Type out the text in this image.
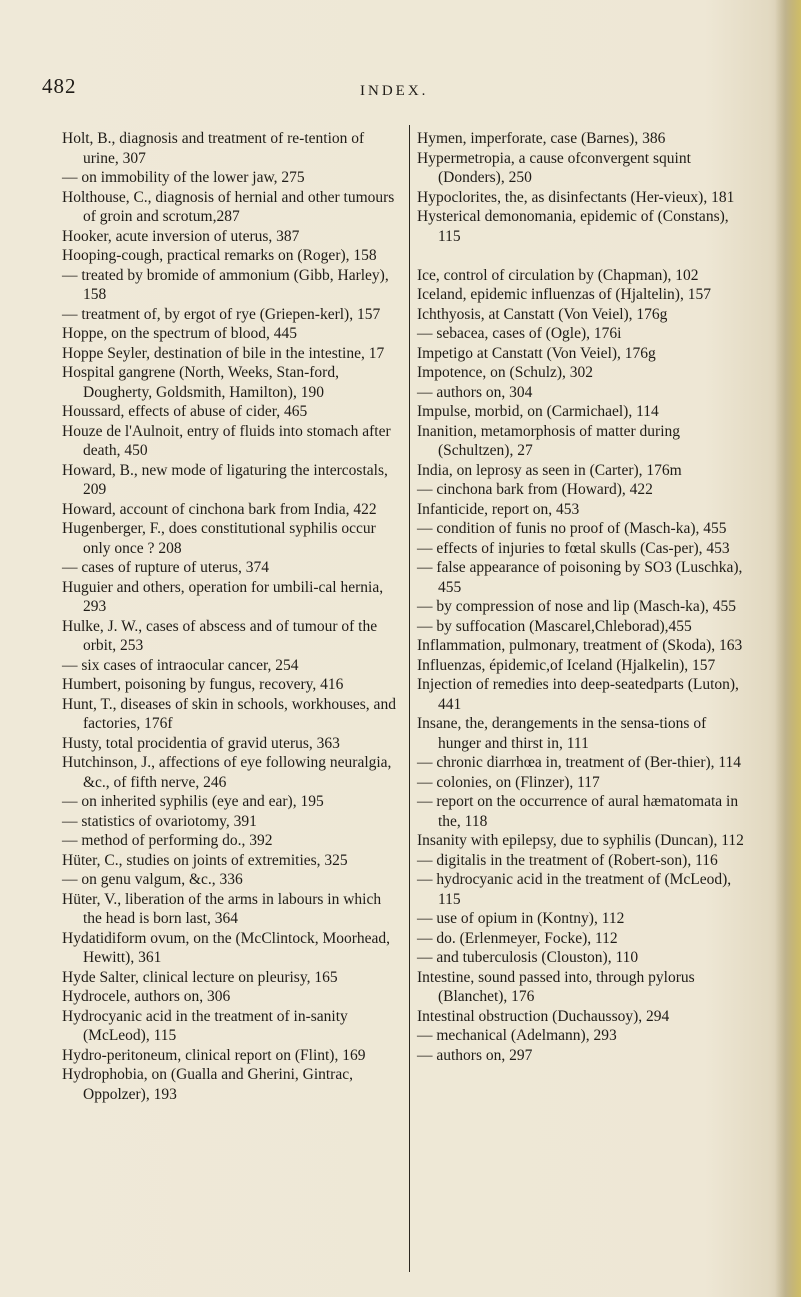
482	INDEX.

Holt, B., diagnosis and treatment of re-tention of urine, 307

— on immobility of the lower jaw, 275

Holthouse, C., diagnosis of hernial and other tumours of groin and scrotum,287

Hooker, acute inversion of uterus, 387

Hooping-cough, practical remarks on (Roger), 158

— treated by bromide of ammonium (Gibb, Harley), 158

— treatment of, by ergot of rye (Griepen-kerl), 157

Hoppe, on the spectrum of blood, 445

Hoppe Seyler, destination of bile in the intestine, 17

Hospital gangrene (North, Weeks, Stan-ford, Dougherty, Goldsmith, Hamilton), 190

Houssard, effects of abuse of cider, 465

Houze de l'Aulnoit, entry of fluids into stomach after death, 450

Howard, B., new mode of ligaturing the intercostals, 209

Howard, account of cinchona bark from India, 422

Hugenberger, F., does constitutional syphilis occur only once ? 208

— cases of rupture of uterus, 374

Huguier and others, operation for umbili-cal hernia, 293

Hulke, J. W., cases of abscess and of tumour of the orbit, 253

— six cases of intraocular cancer, 254

Humbert, poisoning by fungus, recovery, 416

Hunt, T., diseases of skin in schools, workhouses, and factories, 176f

Husty, total procidentia of gravid uterus, 363

Hutchinson, J., affections of eye following neuralgia, &c., of fifth nerve, 246

— on inherited syphilis (eye and ear), 195

— statistics of ovariotomy, 391

— method of performing do., 392

Hüter, C., studies on joints of extremities, 325

— on genu valgum, &c., 336

Hüter, V., liberation of the arms in labours in which the head is born last, 364

Hydatidiform ovum, on the (McClintock, Moorhead, Hewitt), 361

Hyde Salter, clinical lecture on pleurisy, 165

Hydrocele, authors on, 306

Hydrocyanic acid in the treatment of in-sanity (McLeod), 115

Hydro-peritoneum, clinical report on (Flint), 169

Hydrophobia, on (Gualla and Gherini, Gintrac, Oppolzer), 193

Hymen, imperforate, case (Barnes), 386

Hypermetropia, a cause ofconvergent squint (Donders), 250

Hypoclorites, the, as disinfectants (Her-vieux), 181

Hysterical demonomania, epidemic of (Constans), 115

Ice, control of circulation by (Chapman), 102

Iceland, epidemic influenzas of (Hjaltelin), 157

Ichthyosis, at Canstatt (Von Veiel), 176g

— sebacea, cases of (Ogle), 176i

Impetigo at Canstatt (Von Veiel), 176g

Impotence, on (Schulz), 302

— authors on, 304

Impulse, morbid, on (Carmichael), 114

Inanition, metamorphosis of matter during (Schultzen), 27

India, on leprosy as seen in (Carter), 176m

— cinchona bark from (Howard), 422

Infanticide, report on, 453

— condition of funis no proof of (Masch-ka), 455

— effects of injuries to fœtal skulls (Cas-per), 453

— false appearance of poisoning by SO3 (Luschka), 455

— by compression of nose and lip (Masch-ka), 455

— by suffocation (Mascarel,Chleborad),455

Inflammation, pulmonary, treatment of (Skoda), 163

Influenzas, épidemic,of Iceland (Hjalkelin), 157

Injection of remedies into deep-seatedparts (Luton), 441

Insane, the, derangements in the sensa-tions of hunger and thirst in, 111

— chronic diarrhœa in, treatment of (Ber-thier), 114

— colonies, on (Flinzer), 117

— report on the occurrence of aural hæmatomata in the, 118

Insanity with epilepsy, due to syphilis (Duncan), 112

— digitalis in the treatment of (Robert-son), 116

— hydrocyanic acid in the treatment of (McLeod), 115

— use of opium in (Kontny), 112

— do. (Erlenmeyer, Focke), 112

— and tuberculosis (Clouston), 110

Intestine, sound passed into, through pylorus (Blanchet), 176

Intestinal obstruction (Duchaussoy), 294

— mechanical (Adelmann), 293

— authors on, 297
